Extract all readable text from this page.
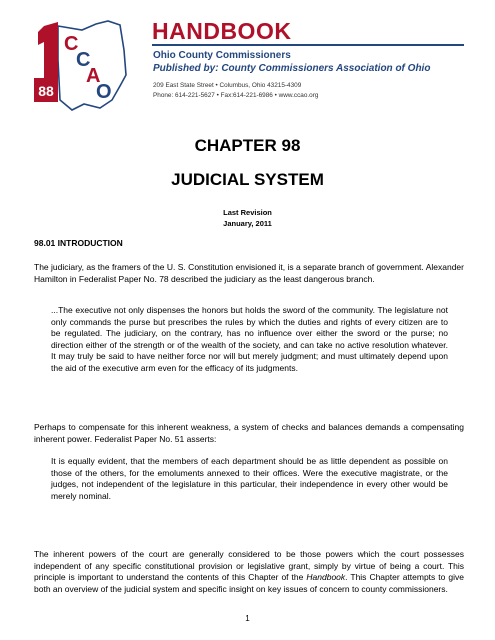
88
C
C
A
O
HANDBOOK
Ohio County Commissioners
Published by: County Commissioners Association of Ohio
209 East State Street • Columbus, Ohio 43215-4309
Phone: 614-221-5627 • Fax:614-221-6986 • www.ccao.org
CHAPTER 98
JUDICIAL SYSTEM
Last Revision
January, 2011
98.01 INTRODUCTION

The judiciary, as the framers of the U. S. Constitution envisioned it, is a separate branch of government. Alexander Hamilton in Federalist Paper No. 78 described the judiciary as the least dangerous branch.

...The executive not only dispenses the honors but holds the sword of the community. The legislature not only commands the purse but prescribes the rules by which the duties and rights of every citizen are to be regulated. The judiciary, on the contrary, has no influence over either the sword or the purse; no direction either of the strength or of the wealth of the society, and can take no active resolution whatever. It may truly be said to have neither force nor will but merely judgment; and must ultimately depend upon the aid of the executive arm even for the efficacy of its judgments.

Perhaps to compensate for this inherent weakness, a system of checks and balances demands a compensating inherent power. Federalist Paper No. 51 asserts:

It is equally evident, that the members of each department should be as little dependent as possible on those of the others, for the emoluments annexed to their offices. Were the executive magistrate, or the judges, not independent of the legislature in this particular, their independence in every other would be merely nominal.

The inherent powers of the court are generally considered to be those powers which the court possesses independent of any specific constitutional provision or legislative grant, simply by virtue of being a court. This principle is important to understand the contents of this Chapter of the Handbook. This Chapter attempts to give both an overview of the judicial system and specific insight on key issues of concern to county commissioners.

1
